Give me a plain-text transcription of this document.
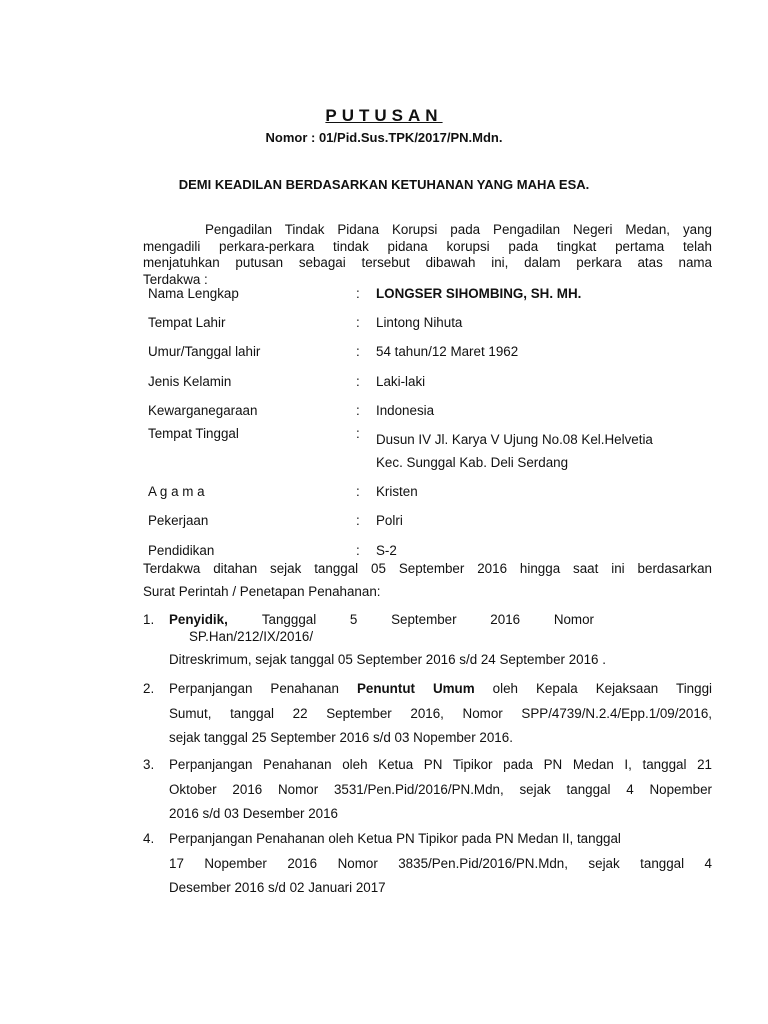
PUTUSAN
Nomor : 01/Pid.Sus.TPK/2017/PN.Mdn.
DEMI KEADILAN BERDASARKAN KETUHANAN YANG MAHA ESA.

Pengadilan Tindak Pidana Korupsi pada Pengadilan Negeri Medan, yang

mengadili perkara-perkara tindak pidana korupsi pada tingkat pertama telah

menjatuhkan putusan sebagai tersebut dibawah ini, dalam perkara atas nama

Terdakwa :

Nama Lengkap	: LONGSER SIHOMBING, SH. MH.
Tempat Lahir	: Lintong Nihuta
Umur/Tanggal lahir	: 54 tahun/12 Maret 1962
Jenis Kelamin	: Laki-laki
Kewarganegaraan	: Indonesia
Tempat Tinggal	: Dusun IV Jl. Karya V Ujung No.08 Kel.Helvetia
Kec. Sunggal Kab. Deli Serdang
A g a m a	: Kristen
Pekerjaan	: Polri
Pendidikan	: S-2
Terdakwa ditahan sejak tanggal 05 September 2016 hingga saat ini berdasarkan
Surat Perintah / Penetapan Penahanan:
1. Penyidik,	Tangggal 5 September 2016 Nomor
SP.Han/212/IX/2016/
Ditreskrimum, sejak tanggal 05 September 2016 s/d 24 September 2016 .
2. Perpanjangan Penahanan Penuntut Umum oleh Kepala Kejaksaan Tinggi

Sumut, tanggal 22 September 2016, Nomor SPP/4739/N.2.4/Epp.1/09/2016,

sejak tanggal 25 September 2016 s/d 03 Nopember 2016.

3. Perpanjangan Penahanan oleh Ketua PN Tipikor pada PN Medan I, tanggal 21

Oktober 2016 Nomor 3531/Pen.Pid/2016/PN.Mdn, sejak tanggal 4 Nopember

2016 s/d 03 Desember 2016

4. Perpanjangan Penahanan oleh Ketua PN Tipikor pada PN Medan II, tanggal

17 Nopember 2016 Nomor 3835/Pen.Pid/2016/PN.Mdn, sejak tanggal 4

Desember 2016 s/d 02 Januari 2017
